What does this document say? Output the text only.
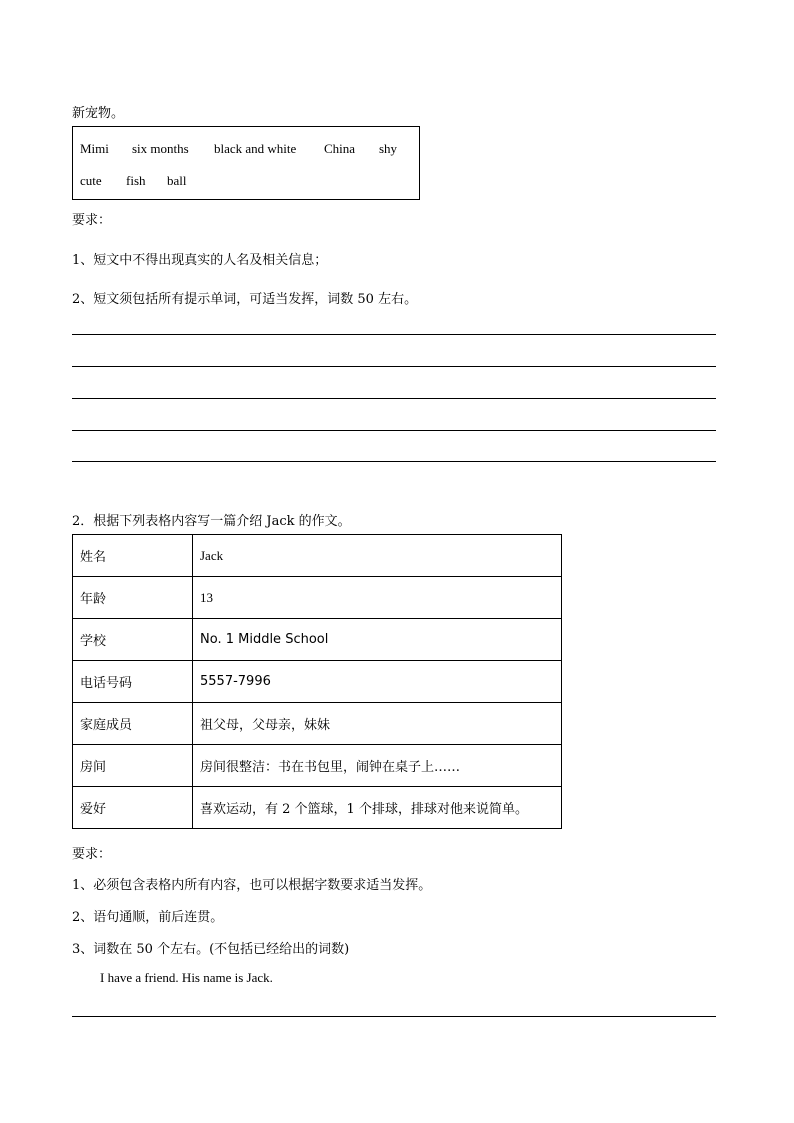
新宠物。
Mimi six months black and white China shy
cute fish ball
要求：
1、短文中不得出现真实的人名及相关信息；
2、短文须包括所有提示单词，可适当发挥，词数 50 左右。
2．根据下列表格内容写一篇介绍 Jack 的作文。
姓名	Jack
年龄	13
学校	No. 1 Middle School
电话号码	5557-7996
家庭成员	祖父母，父母亲，妹妹
房间	房间很整洁：书在书包里，闹钟在桌子上……
爱好	喜欢运动，有 2 个篮球，1 个排球，排球对他来说简单。
要求：
1、必须包含表格内所有内容，也可以根据字数要求适当发挥。
2、语句通顺，前后连贯。
3、词数在 50 个左右。(不包括已经给出的词数)
I have a friend. His name is Jack.
